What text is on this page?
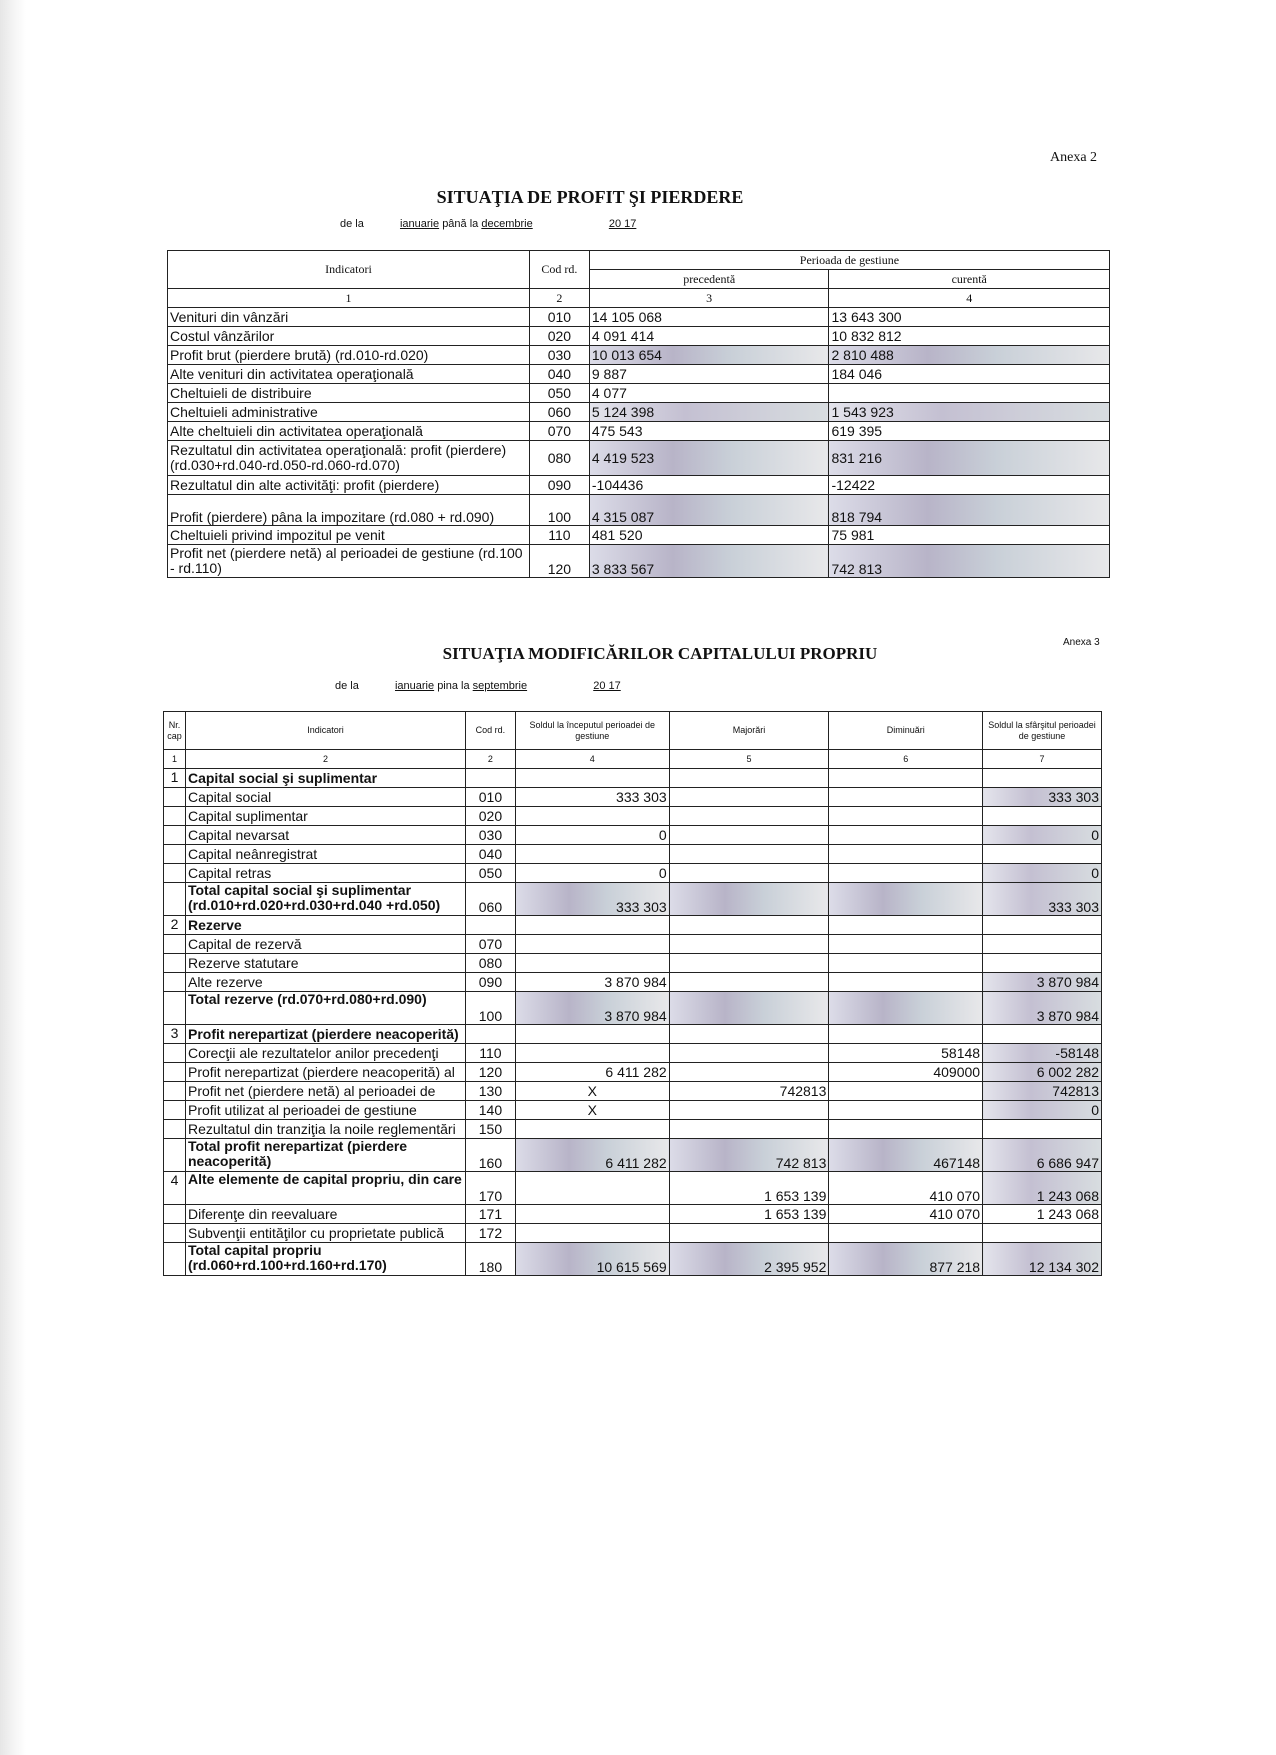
Anexa 2
SITUAŢIA DE PROFIT ŞI PIERDERE
de la	ianuarie până la decembrie	20 17
Indicatori	Cod rd.	Perioada de gestiune	
		precedentă	curentă
1	2	3	4
Venituri din vânzări	010	14 105 068	13 643 300
Costul vânzărilor	020	4 091 414	10 832 812
Profit brut (pierdere brută) (rd.010-rd.020)	030	10 013 654	2 810 488
Alte venituri din activitatea operaţională	040	9 887	184 046
Cheltuieli de distribuire	050	4 077	
Cheltuieli administrative	060	5 124 398	1 543 923
Alte cheltuieli din activitatea operaţională	070	475 543	619 395
Rezultatul din activitatea operaţională: profit (pierdere) (rd.030+rd.040-rd.050-rd.060-rd.070)	080	4 419 523	831 216
Rezultatul din alte activităţi: profit (pierdere)	090	-104436	-12422
Profit (pierdere) pâna la impozitare (rd.080 + rd.090)	100	4 315 087	818 794
Cheltuieli privind impozitul pe venit	110	481 520	75 981
Profit net (pierdere netă) al perioadei de gestiune (rd.100 - rd.110)	120	3 833 567	742 813
Anexa 3
SITUAŢIA MODIFICĂRILOR CAPITALULUI PROPRIU
de la	ianuarie pina la septembrie	20 17
Nr. cap	Indicatori	Cod rd.	Soldul la începutul perioadei de gestiune	Majorări	Diminuări	Soldul la sfârşitul perioadei de gestiune
1	2	2	4	5	6	7
1	Capital social şi suplimentar					
	Capital social	010	333 303			333 303
	Capital suplimentar	020				
	Capital nevarsat	030	0			0
	Capital neânregistrat	040				
	Capital retras	050	0			0
	Total capital social şi suplimentar (rd.010+rd.020+rd.030+rd.040 +rd.050)	060	333 303			333 303
2	Rezerve					
	Capital de rezervă	070				
	Rezerve statutare	080				
	Alte rezerve	090	3 870 984			3 870 984
	Total rezerve (rd.070+rd.080+rd.090)	100	3 870 984			3 870 984
3	Profit nerepartizat (pierdere neacoperită)					
	Corecţii ale rezultatelor anilor precedenţi	110			58148	-58148
	Profit nerepartizat (pierdere neacoperită) al	120	6 411 282		409000	6 002 282
	Profit net (pierdere netă) al perioadei de	130	X	742813		742813
	Profit utilizat al perioadei de gestiune	140	X			0
	Rezultatul din tranziţia la noile reglementări	150				
	Total profit nerepartizat (pierdere neacoperită)	160	6 411 282	742 813	467148	6 686 947
4	Alte elemente de capital propriu, din care	170		1 653 139	410 070	1 243 068
	Diferenţe din reevaluare	171		1 653 139	410 070	1 243 068
	Subvenţii entităţilor cu proprietate publică	172				
	Total capital propriu (rd.060+rd.100+rd.160+rd.170)	180	10 615 569	2 395 952	877 218	12 134 302
